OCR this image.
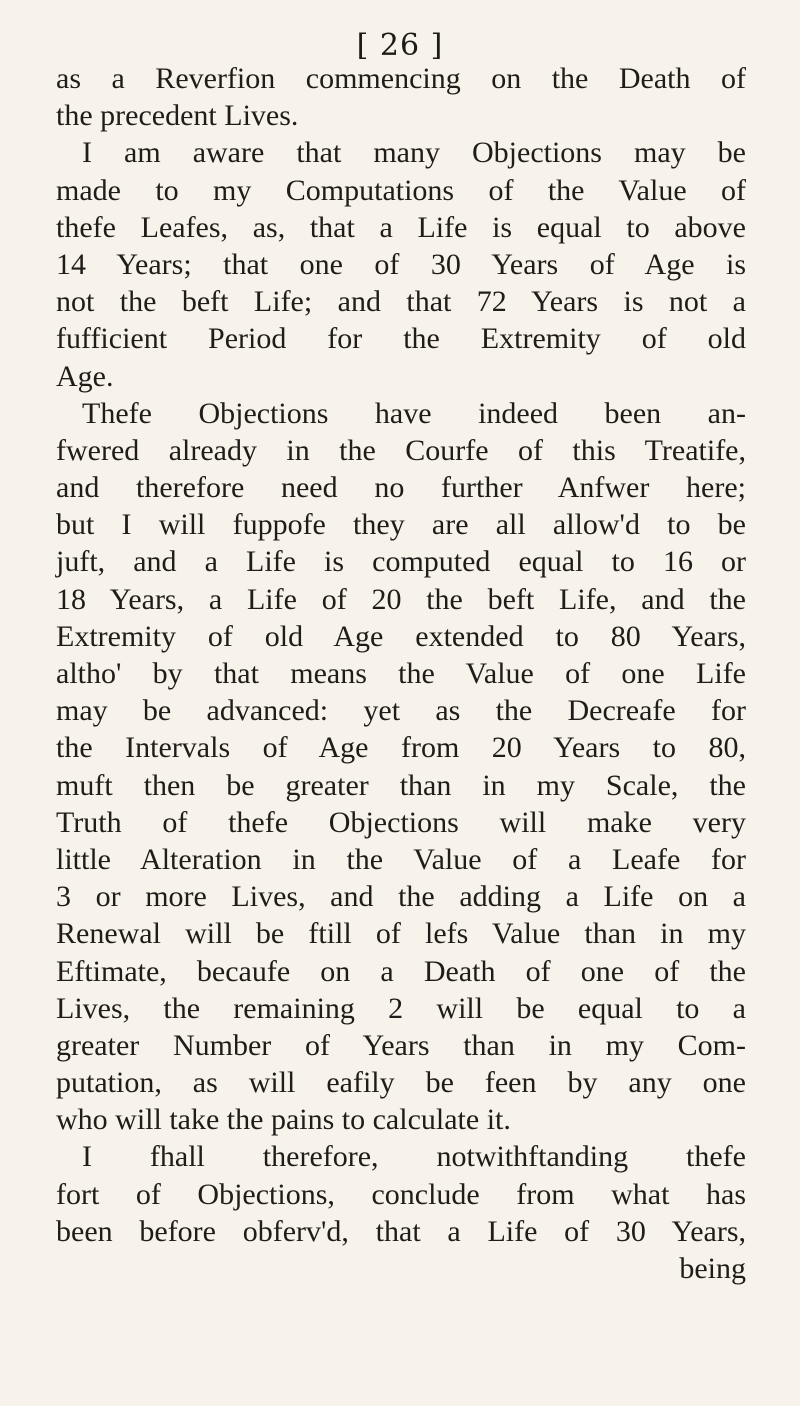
[ 26 ]
as a Reverfion commencing on the Death of
the precedent Lives.
I am aware that many Objections may be
made to my Computations of the Value of
thefe Leafes, as, that a Life is equal to above
14 Years; that one of 30 Years of Age is
not the beft Life; and that 72 Years is not a
fufficient Period for the Extremity of old
Age.
Thefe Objections have indeed been an-
fwered already in the Courfe of this Treatife,
and therefore need no further Anfwer here;
but I will fuppofe they are all allow'd to be
juft, and a Life is computed equal to 16 or
18 Years, a Life of 20 the beft Life, and the
Extremity of old Age extended to 80 Years,
altho' by that means the Value of one Life
may be advanced: yet as the Decreafe for
the Intervals of Age from 20 Years to 80,
muft then be greater than in my Scale, the
Truth of thefe Objections will make very
little Alteration in the Value of a Leafe for
3 or more Lives, and the adding a Life on a
Renewal will be ftill of lefs Value than in my
Eftimate, becaufe on a Death of one of the
Lives, the remaining 2 will be equal to a
greater Number of Years than in my Com-
putation, as will eafily be feen by any one
who will take the pains to calculate it.
I fhall therefore, notwithftanding thefe
fort of Objections, conclude from what has
been before obferv'd, that a Life of 30 Years,
being
